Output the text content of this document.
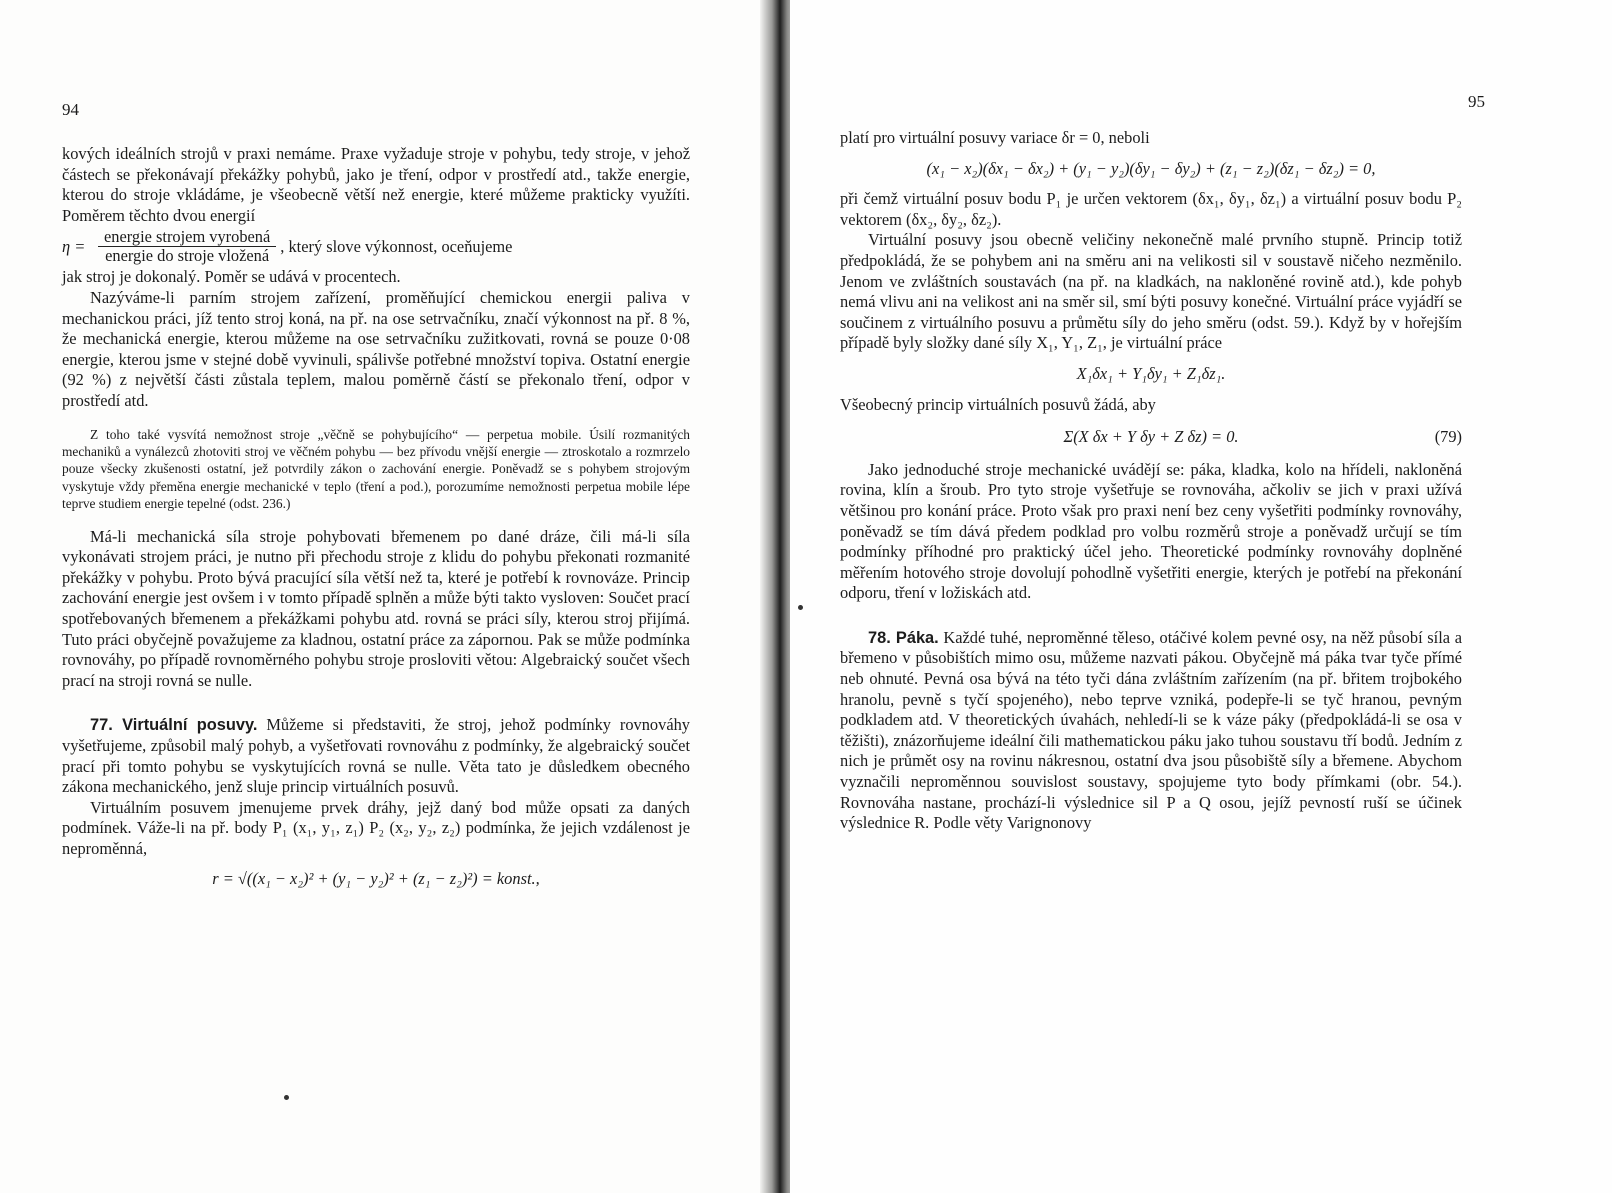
94

kových ideálních strojů v praxi nemáme. Praxe vyžaduje stroje v pohybu, tedy stroje, v jehož částech se překonávají překážky pohybů, jako je tření, odpor v prostředí atd., takže energie, kterou do stroje vkládáme, je všeobecně větší než energie, které můžeme prakticky využíti. Poměrem těchto dvou energií

$\eta = \frac{\text{energie strojem vyrobená}}{\text{energie do stroje vložená}}$ , který slove výkonnost, oceňujeme

jak stroj je dokonalý. Poměr se udává v procentech.

Nazýváme-li parním strojem zařízení, proměňující chemickou energii paliva v mechanickou práci, jíž tento stroj koná, na př. na ose setrvačníku, značí výkonnost na př. 8 %, že mechanická energie, kterou můžeme na ose setrvačníku zužitkovati, rovná se pouze 0·08 energie, kterou jsme v stejné době vyvinuli, spálivše potřebné množství topiva. Ostatní energie (92 %) z největší části zůstala teplem, malou poměrně částí se překonalo tření, odpor v prostředí atd.

Z toho také vysvítá nemožnost stroje „věčně se pohybujícího“ — perpetua mobile. Úsilí rozmanitých mechaniků a vynálezců zhotoviti stroj ve věčném pohybu — bez přívodu vnější energie — ztroskotalo a rozmrzelo pouze všecky zkušenosti ostatní, jež potvrdily zákon o zachování energie. Poněvadž se s pohybem strojovým vyskytuje vždy přeměna energie mechanické v teplo (tření a pod.), porozumíme nemožnosti perpetua mobile lépe teprve studiem energie tepelné (odst. 236.)

Má-li mechanická síla stroje pohybovati břemenem po dané dráze, čili má-li síla vykonávati strojem práci, je nutno při přechodu stroje z klidu do pohybu překonati rozmanité překážky v pohybu. Proto bývá pracující síla větší než ta, které je potřebí k rovnováze. Princip zachování energie jest ovšem i v tomto případě splněn a může býti takto vysloven: Součet prací spotřebovaných břemenem a překážkami pohybu atd. rovná se práci síly, kterou stroj přijímá. Tuto práci obyčejně považujeme za kladnou, ostatní práce za zápornou. Pak se může podmínka rovnováhy, po případě rovnoměrného pohybu stroje prosloviti větou: Algebraický součet všech prací na stroji rovná se nulle.

77. Virtuální posuvy. Můžeme si představiti, že stroj, jehož podmínky rovnováhy vyšetřujeme, způsobil malý pohyb, a vyšetřovati rovnováhu z podmínky, že algebraický součet prací při tomto pohybu se vyskytujících rovná se nulle. Věta tato je důsledkem obecného zákona mechanického, jenž sluje princip virtuálních posuvů.

Virtuálním posuvem jmenujeme prvek dráhy, jejž daný bod může opsati za daných podmínek. Váže-li na př. body P₁ (x₁, y₁, z₁) P₂ (x₂, y₂, z₂) podmínka, že jejich vzdálenost je neproměnná,

r = √((x₁ − x₂)² + (y₁ − y₂)² + (z₁ − z₂)²) = konst.,
95

platí pro virtuální posuvy variace δr = 0, neboli

(x₁ − x₂)(δx₁ − δx₂) + (y₁ − y₂)(δy₁ − δy₂) + (z₁ − z₂)(δz₁ − δz₂) = 0,

při čemž virtuální posuv bodu P₁ je určen vektorem (δx₁, δy₁, δz₁) a virtuální posuv bodu P₂ vektorem (δx₂, δy₂, δz₂).

Virtuální posuvy jsou obecně veličiny nekonečně malé prvního stupně. Princip totiž předpokládá, že se pohybem ani na směru ani na velikosti sil v soustavě ničeho nezměnilo. Jenom ve zvláštních soustavách (na př. na kladkách, na nakloněné rovině atd.), kde pohyb nemá vlivu ani na velikost ani na směr sil, smí býti posuvy konečné. Virtuální práce vyjádří se součinem z virtuálního posuvu a průmětu síly do jeho směru (odst. 59.). Když by v hořejším případě byly složky dané síly X₁, Y₁, Z₁, je virtuální práce

X₁δx₁ + Y₁δy₁ + Z₁δz₁.

Všeobecný princip virtuálních posuvů žádá, aby

Σ(X δx + Y δy + Z δz) = 0.	(79)

Jako jednoduché stroje mechanické uvádějí se: páka, kladka, kolo na hřídeli, nakloněná rovina, klín a šroub. Pro tyto stroje vyšetřuje se rovnováha, ačkoliv se jich v praxi užívá většinou pro konání práce. Proto však pro praxi není bez ceny vyšetřiti podmínky rovnováhy, poněvadž se tím dává předem podklad pro volbu rozměrů stroje a poněvadž určují se tím podmínky příhodné pro praktický účel jeho. Theoretické podmínky rovnováhy doplněné měřením hotového stroje dovolují pohodlně vyšetřiti energie, kterých je potřebí na překonání odporu, tření v ložiskách atd.

78. Páka. Každé tuhé, neproměnné těleso, otáčivé kolem pevné osy, na něž působí síla a břemeno v působištích mimo osu, můžeme nazvati pákou. Obyčejně má páka tvar tyče přímé neb ohnuté. Pevná osa bývá na této tyči dána zvláštním zařízením (na př. břitem trojbokého hranolu, pevně s tyčí spojeného), nebo teprve vzniká, podepře-li se tyč hranou, pevným podkladem atd. V theoretických úvahách, nehledí-li se k váze páky (předpokládá-li se osa v těžišti), znázorňujeme ideální čili mathematickou páku jako tuhou soustavu tří bodů. Jedním z nich je průmět osy na rovinu nákresnou, ostatní dva jsou působiště síly a břemene. Abychom vyznačili neproměnnou souvislost soustavy, spojujeme tyto body přímkami (obr. 54.). Rovnováha nastane, prochází-li výslednice sil P a Q osou, jejíž pevností ruší se účinek výslednice R. Podle věty Varignonovy
